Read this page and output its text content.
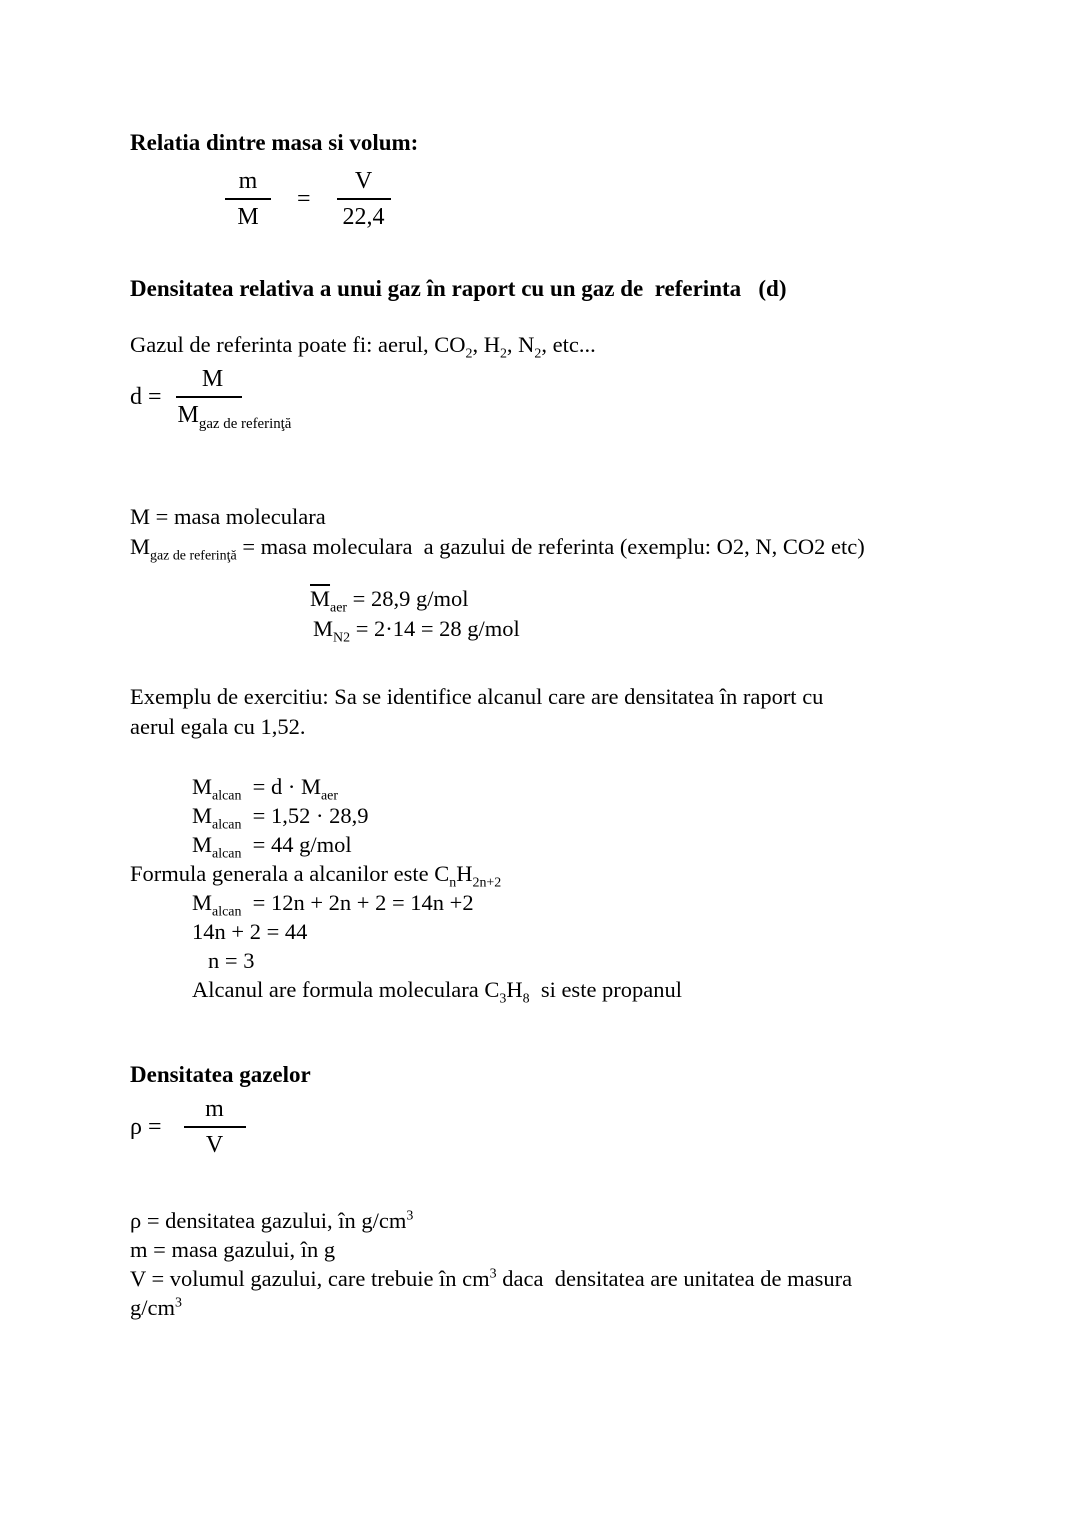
Relatia dintre masa si volum:
$\frac{m}{M} = \frac{V}{22,4}$
Densitatea relativa a unui gaz în raport cu un gaz de  referinta   (d)
Gazul de referinta poate fi: aerul, $CO_2$, $H_2$, $N_2$, etc...
$d = \frac{M}{M_{gaz de referinţă}}$
M = masa moleculara
$M_{gaz de referinţă}$ = masa moleculara  a gazului de referinta (exemplu: O2, N, CO2 etc)
$\overline{M}_{aer} = 28,9$ g/mol
$M_{N2} = 2\cdot 14 = 28$ g/mol
Exemplu de exercitiu: Sa se identifice alcanul care are densitatea în raport cu
aerul egala cu 1,52.
$M_{alcan} = d \cdot M_{aer}$
$M_{alcan} = 1,52 \cdot 28,9$
$M_{alcan} = 44$ g/mol
Formula generala a alcanilor este $C_nH_{2n+2}$
$M_{alcan} = 12n + 2n + 2 = 14n +2$
14n + 2 = 44
n = 3
Alcanul are formula moleculara $C_3H_8$  si este propanul
Densitatea gazelor
$\rho = \frac{m}{V}$
ρ = densitatea gazului, în $g/cm^3$
m = masa gazului, în g
V = volumul gazului, care trebuie în $cm^3$ daca  densitatea are unitatea de masura
$g/cm^3$
